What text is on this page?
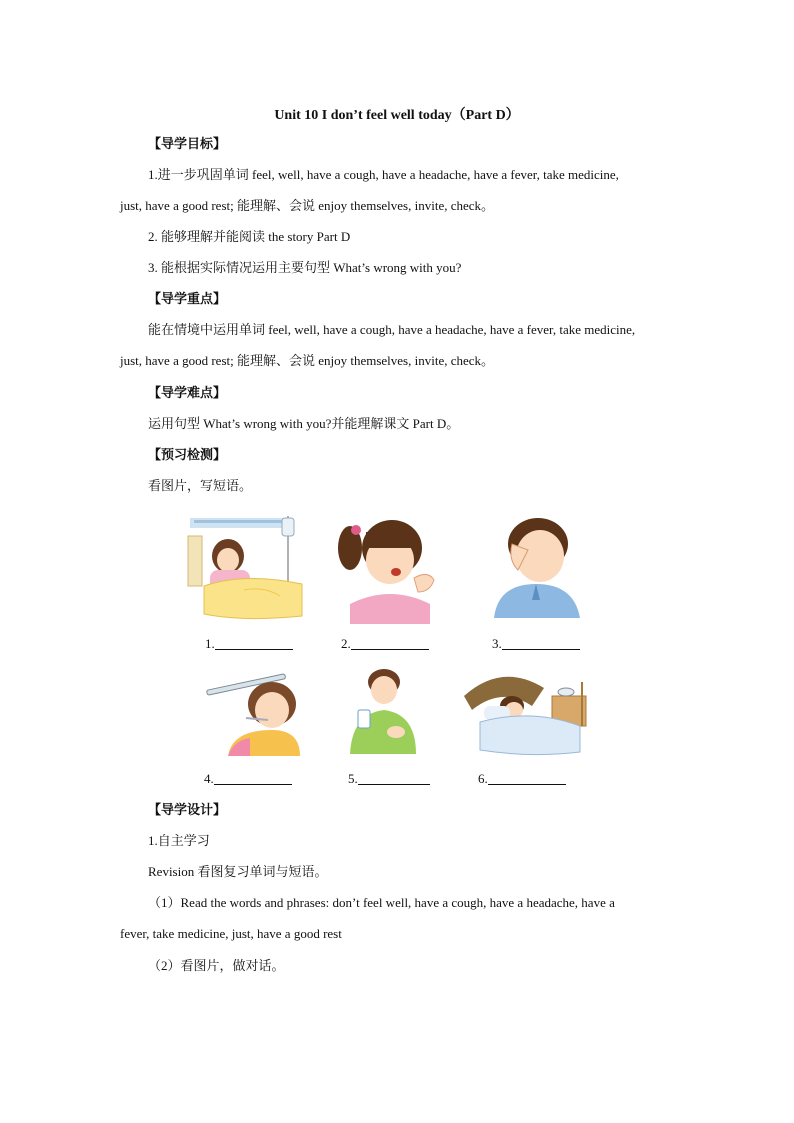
Unit 10 I don’t feel well today（Part D）
【导学目标】
1.进一步巩固单词 feel, well, have a cough, have a headache, have a fever, take medicine,
just, have a good rest; 能理解、会说 enjoy themselves, invite, check。
2. 能够理解并能阅读 the story Part D
3. 能根据实际情况运用主要句型 What’s wrong with you?
【导学重点】
能在情境中运用单词 feel, well, have a cough, have a headache, have a fever, take medicine,
just, have a good rest; 能理解、会说 enjoy themselves, invite, check。
【导学难点】
运用句型 What’s wrong with you?并能理解课文 Part D。
【预习检测】
看图片，写短语。
1.	2.	3.
4.	5.	6.
【导学设计】
1.自主学习
Revision 看图复习单词与短语。
（1）Read the words and phrases: don’t feel well, have a cough, have a headache, have a
fever, take medicine, just, have a good rest
（2）看图片，做对话。
